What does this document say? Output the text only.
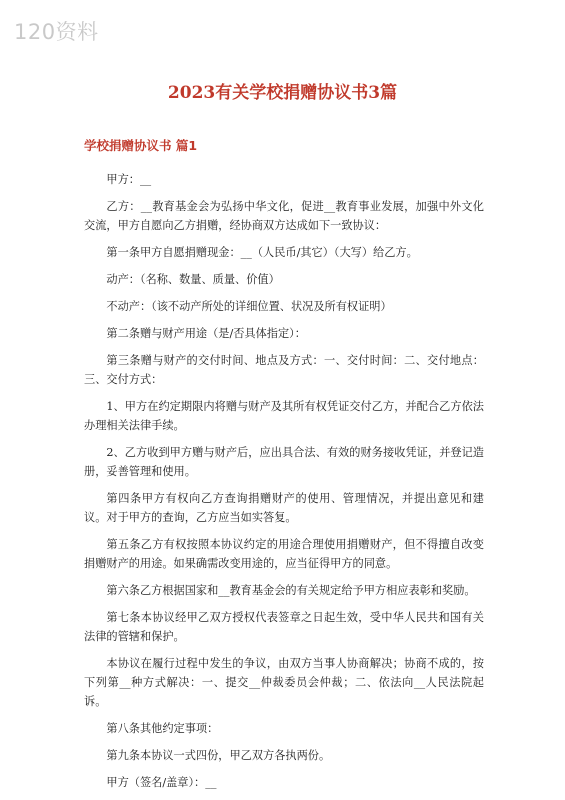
120资料
2023有关学校捐赠协议书3篇
学校捐赠协议书 篇1

甲方：__

乙方：__教育基金会为弘扬中华文化，促进__教育事业发展，加强中外文化交流，甲方自愿向乙方捐赠，经协商双方达成如下一致协议：

第一条甲方自愿捐赠现金：__（人民币/其它）（大写）给乙方。

动产：（名称、数量、质量、价值）

不动产：（该不动产所处的详细位置、状况及所有权证明）

第二条赠与财产用途（是/否具体指定）：

第三条赠与财产的交付时间、地点及方式：一、交付时间：二、交付地点：三、交付方式：

1、甲方在约定期限内将赠与财产及其所有权凭证交付乙方，并配合乙方依法办理相关法律手续。

2、乙方收到甲方赠与财产后，应出具合法、有效的财务接收凭证，并登记造册，妥善管理和使用。

第四条甲方有权向乙方查询捐赠财产的使用、管理情况，并提出意见和建议。对于甲方的查询，乙方应当如实答复。

第五条乙方有权按照本协议约定的用途合理使用捐赠财产，但不得擅自改变捐赠财产的用途。如果确需改变用途的，应当征得甲方的同意。

第六条乙方根据国家和__教育基金会的有关规定给予甲方相应表彰和奖励。

第七条本协议经甲乙双方授权代表签章之日起生效，受中华人民共和国有关法律的管辖和保护。

本协议在履行过程中发生的争议，由双方当事人协商解决；协商不成的，按下列第__种方式解决：一、提交__仲裁委员会仲裁；二、依法向__人民法院起诉。

第八条其他约定事项：

第九条本协议一式四份，甲乙双方各执两份。

甲方（签名/盖章）：__
